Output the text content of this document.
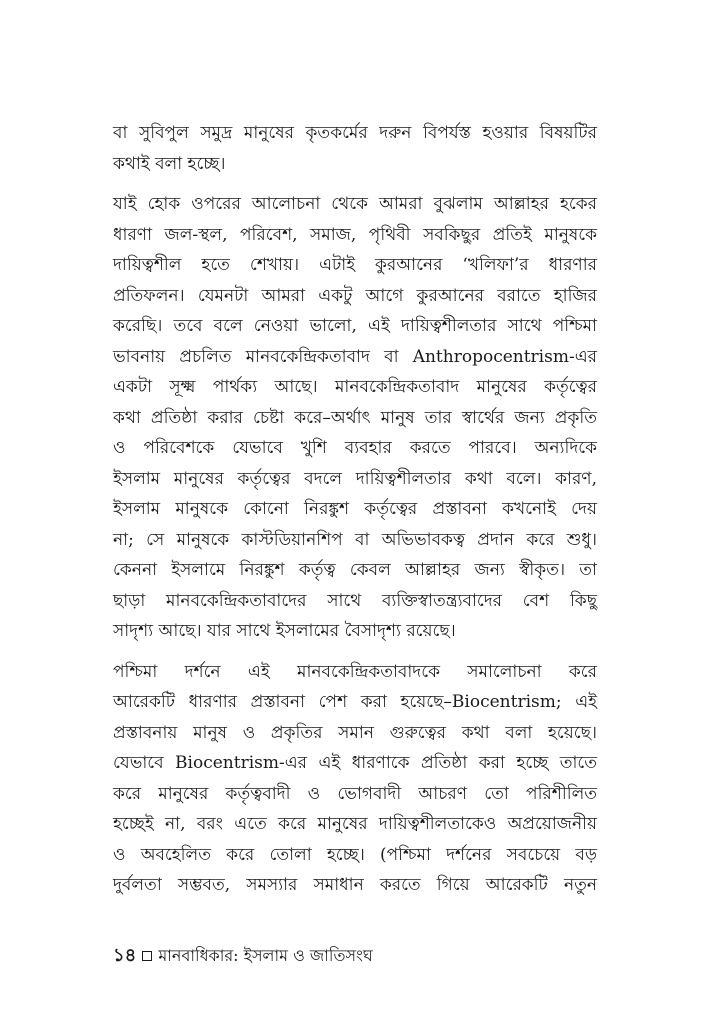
বা সুবিপুল সমুদ্র মানুষের কৃতকর্মের দরুন বিপর্যস্ত হওয়ার বিষয়টির
কথাই বলা হচ্ছে।

যাই হোক ওপরের আলোচনা থেকে আমরা বুঝলাম আল্লাহর হকের
ধারণা জল-স্থল, পরিবেশ, সমাজ, পৃথিবী সবকিছুর প্রতিই মানুষকে
দায়িত্বশীল হতে শেখায়। এটাই কুরআনের ‘খলিফা’র ধারণার
প্রতিফলন। যেমনটা আমরা একটু আগে কুরআনের বরাতে হাজির
করেছি। তবে বলে নেওয়া ভালো, এই দায়িত্বশীলতার সাথে পশ্চিমা
ভাবনায় প্রচলিত মানবকেন্দ্রিকতাবাদ বা Anthropocentrism-এর
একটা সূক্ষ্ম পার্থক্য আছে। মানবকেন্দ্রিকতাবাদ মানুষের কর্তৃত্বের
কথা প্রতিষ্ঠা করার চেষ্টা করে–অর্থাৎ মানুষ তার স্বার্থের জন্য প্রকৃতি
ও পরিবেশকে যেভাবে খুশি ব্যবহার করতে পারবে। অন্যদিকে
ইসলাম মানুষের কর্তৃত্বের বদলে দায়িত্বশীলতার কথা বলে। কারণ,
ইসলাম মানুষকে কোনো নিরঙ্কুশ কর্তৃত্বের প্রস্তাবনা কখনোই দেয়
না; সে মানুষকে কাস্টডিয়ানশিপ বা অভিভাবকত্ব প্রদান করে শুধু।
কেননা ইসলামে নিরঙ্কুশ কর্তৃত্ব কেবল আল্লাহর জন্য স্বীকৃত। তা
ছাড়া মানবকেন্দ্রিকতাবাদের সাথে ব্যক্তিস্বাতন্ত্র্যবাদের বেশ কিছু
সাদৃশ্য আছে। যার সাথে ইসলামের বৈসাদৃশ্য রয়েছে।

পশ্চিমা দর্শনে এই মানবকেন্দ্রিকতাবাদকে সমালোচনা করে
আরেকটি ধারণার প্রস্তাবনা পেশ করা হয়েছে–Biocentrism; এই
প্রস্তাবনায় মানুষ ও প্রকৃতির সমান গুরুত্বের কথা বলা হয়েছে।
যেভাবে Biocentrism-এর এই ধারণাকে প্রতিষ্ঠা করা হচ্ছে তাতে
করে মানুষের কর্তৃত্ববাদী ও ভোগবাদী আচরণ তো পরিশীলিত
হচ্ছেই না, বরং এতে করে মানুষের দায়িত্বশীলতাকেও অপ্রয়োজনীয়
ও অবহেলিত করে তোলা হচ্ছে। (পশ্চিমা দর্শনের সবচেয়ে বড়
দুর্বলতা সম্ভবত, সমস্যার সমাধান করতে গিয়ে আরেকটি নতুন

১৪ মানবাধিকার: ইসলাম ও জাতিসংঘ
